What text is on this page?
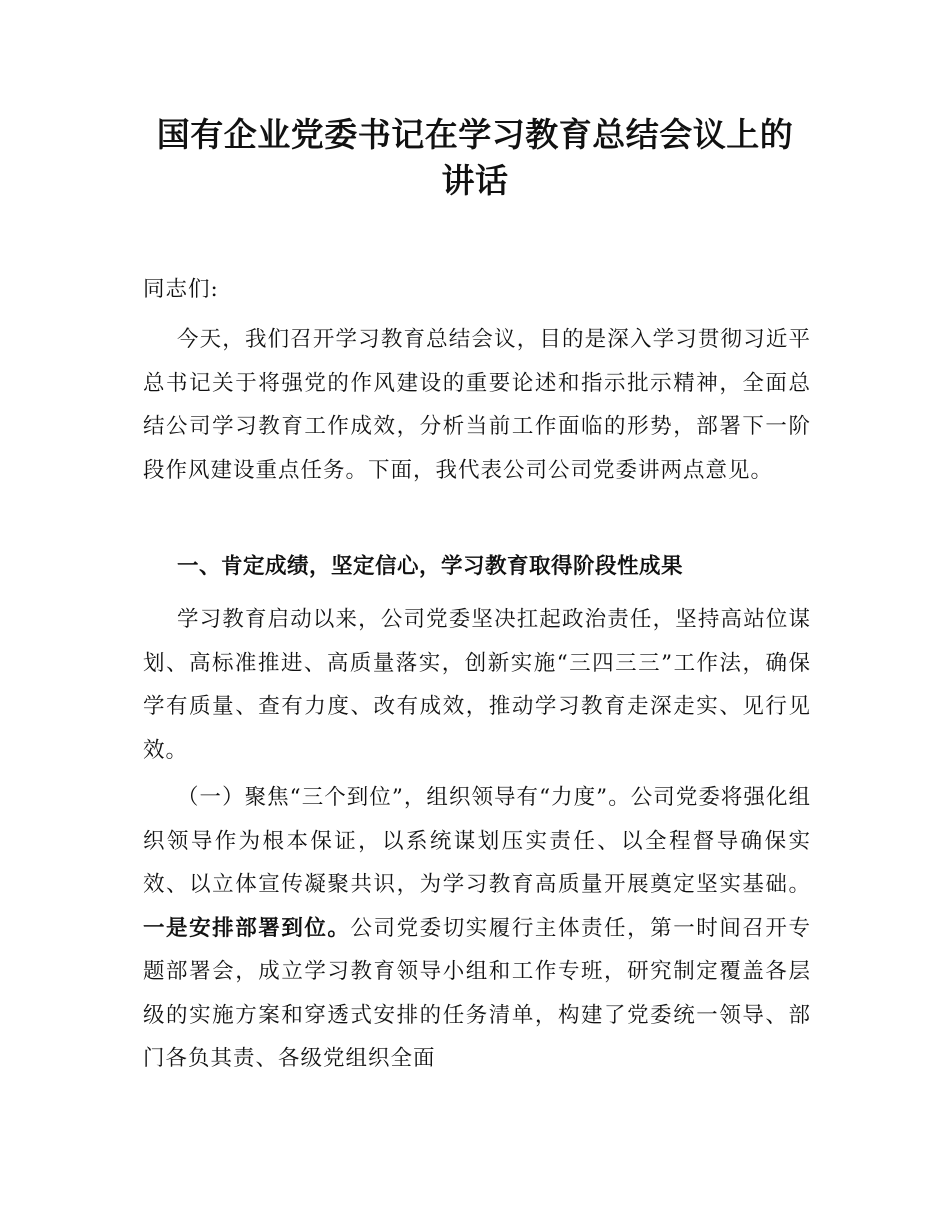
国有企业党委书记在学习教育总结会议上的
讲话
同志们:
今天，我们召开学习教育总结会议，目的是深入学习贯彻习近平总书记关于将强党的作风建设的重要论述和指示批示精神，全面总结公司学习教育工作成效，分析当前工作面临的形势，部署下一阶段作风建设重点任务。下面，我代表公司公司党委讲两点意见。
一、肯定成绩，坚定信心，学习教育取得阶段性成果
学习教育启动以来，公司党委坚决扛起政治责任，坚持高站位谋划、高标准推进、高质量落实，创新实施“三四三三”工作法，确保学有质量、查有力度、改有成效，推动学习教育走深走实、见行见效。
（一）聚焦“三个到位”，组织领导有“力度”。公司党委将强化组织领导作为根本保证，以系统谋划压实责任、以全程督导确保实效、以立体宣传凝聚共识，为学习教育高质量开展奠定坚实基础。一是安排部署到位。公司党委切实履行主体责任，第一时间召开专题部署会，成立学习教育领导小组和工作专班，研究制定覆盖各层级的实施方案和穿透式安排的任务清单，构建了党委统一领导、部门各负其责、各级党组织全面
